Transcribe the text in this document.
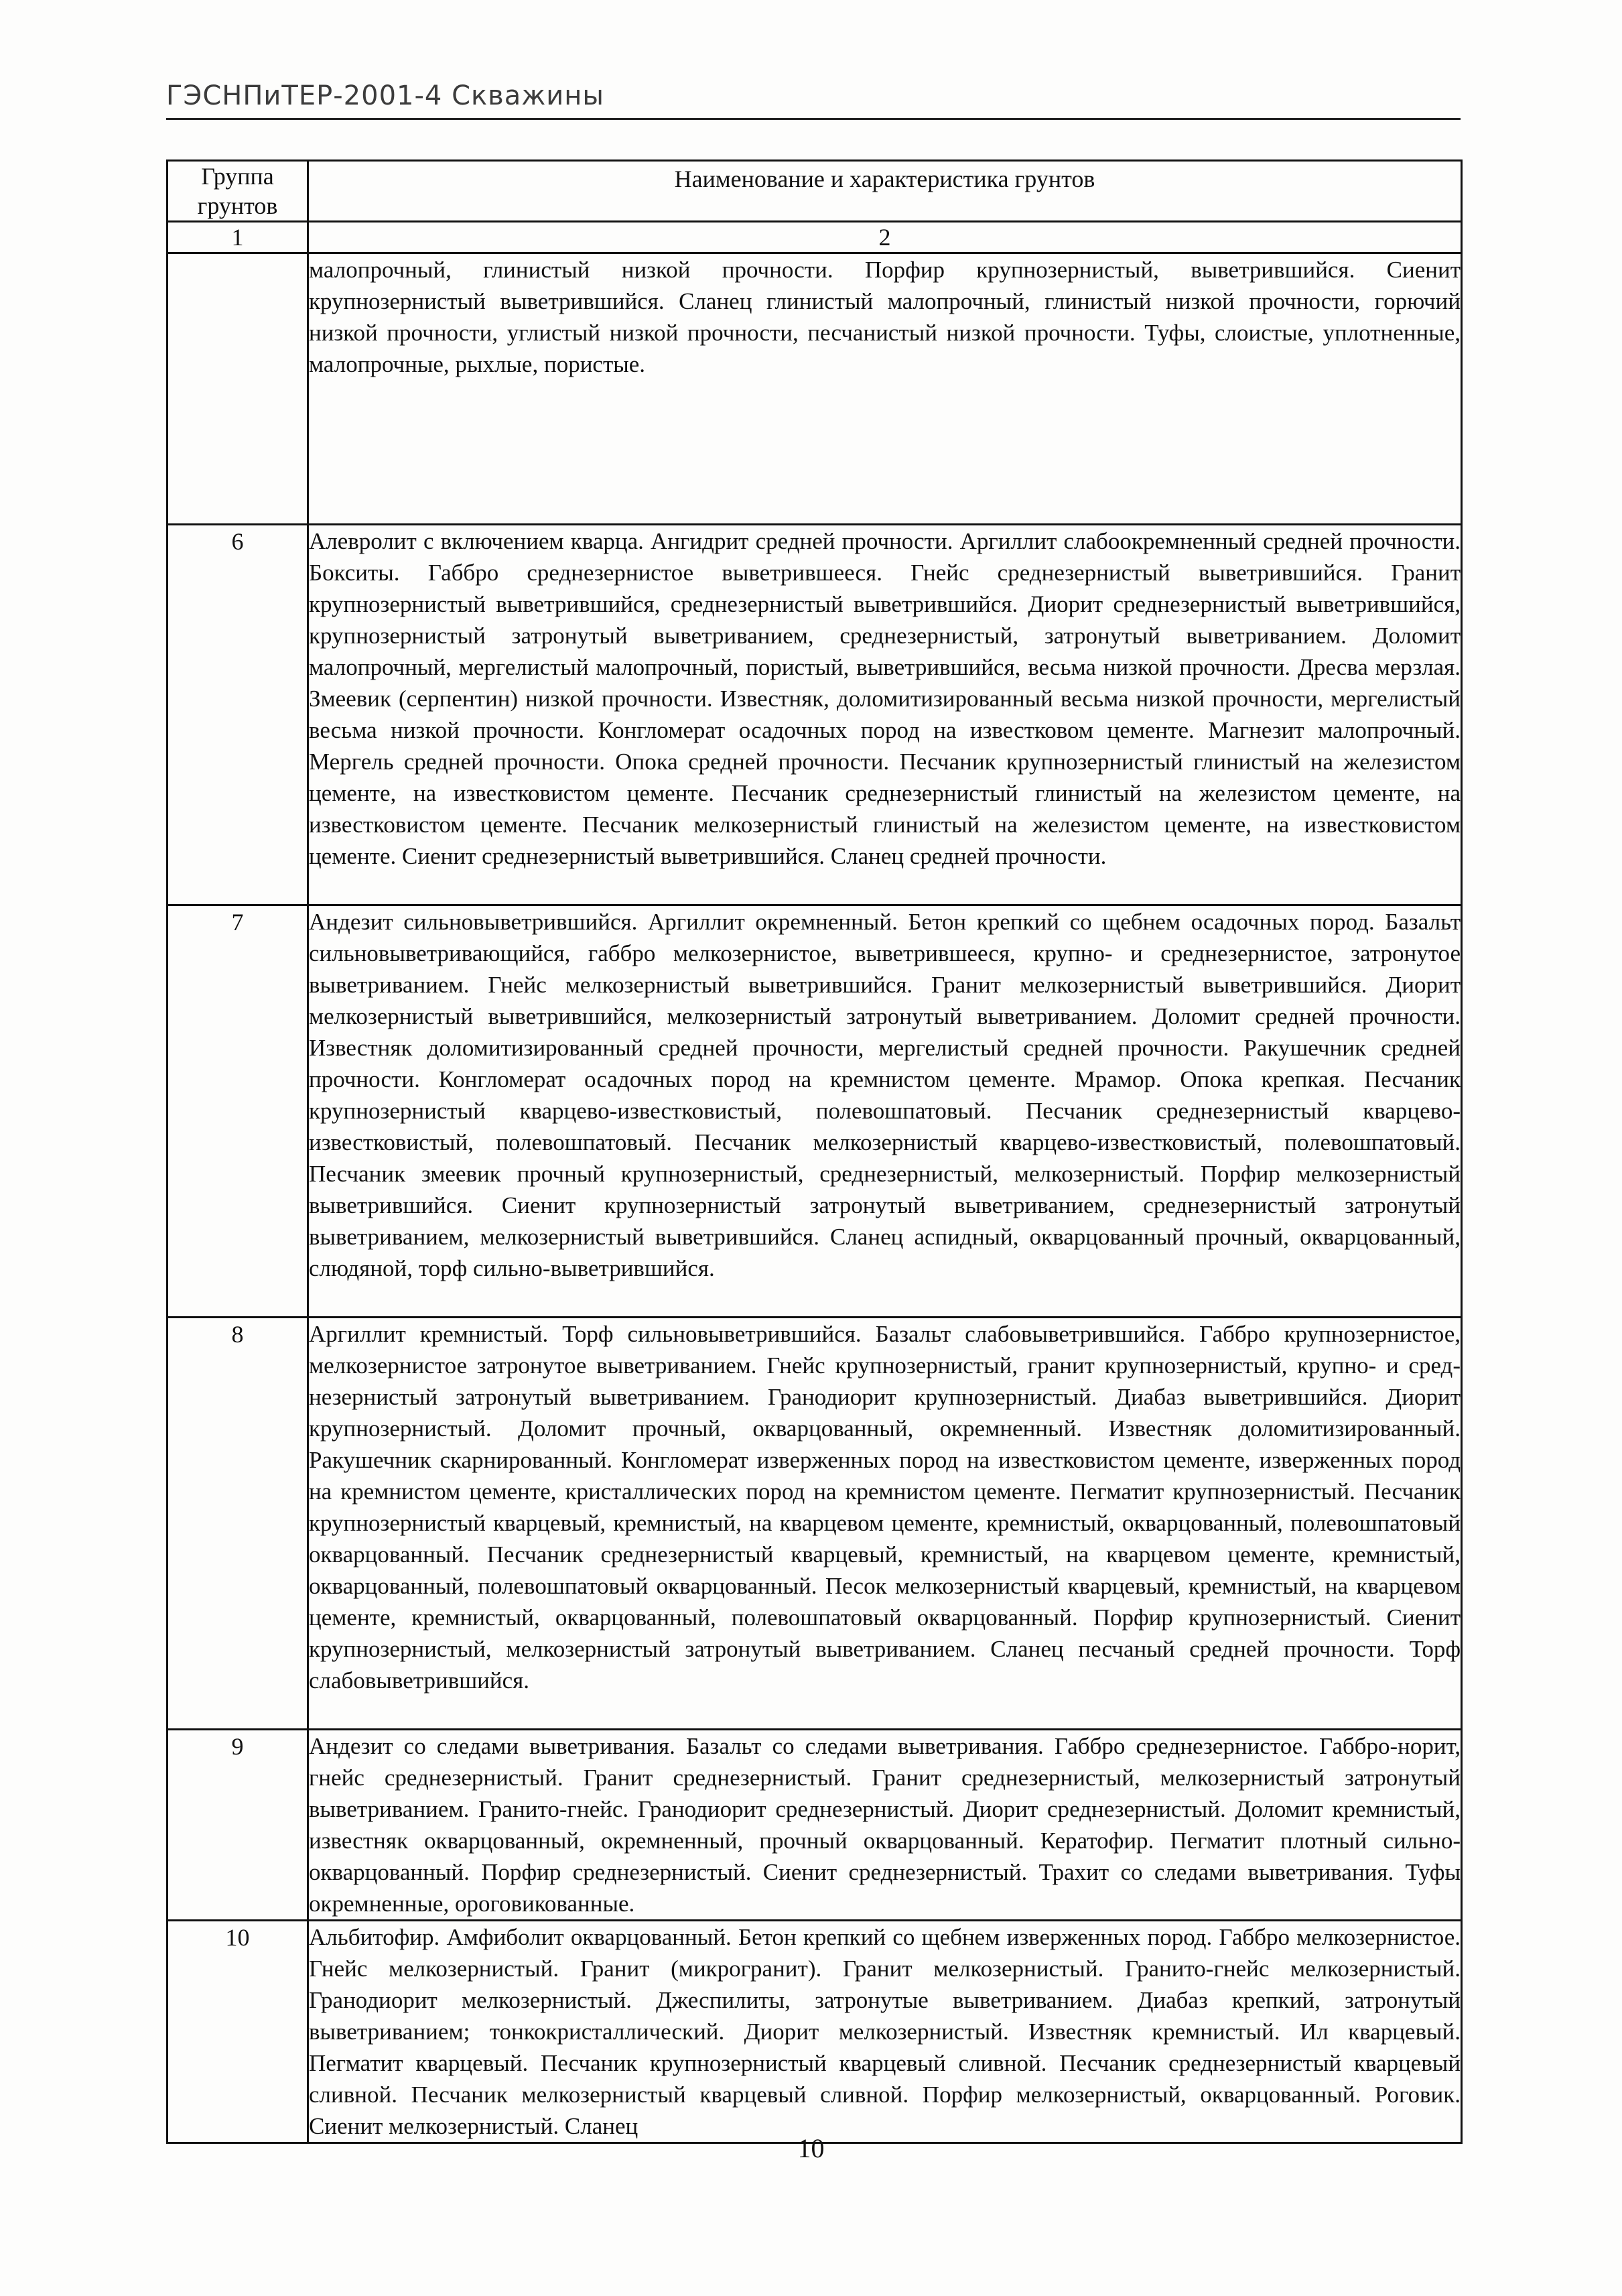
ГЭСНПиТЕР-2001-4 Скважины
Группа грунтов	Наименование и характеристика грунтов
1	2
	малопрочный, глинистый низкой прочности. Порфир крупнозернистый, выветрившийся. Сиенит крупнозернистый выветрившийся. Сланец глинистый малопрочный, глинистый низкой прочности, горючий низкой прочности, углистый низкой прочности, песчанистый низкой прочности. Туфы, слоистые, уплотненные, малопрочные, рыхлые, пористые.
6	Алевролит с включением кварца. Ангидрит средней прочности. Аргиллит слабоокремненный средней прочности. Бокситы. Габбро среднезернистое выветрившееся. Гнейс среднезернистый выветрившийся. Гранит крупнозернистый выветрившийся, среднезернистый выветрившийся. Диорит среднезернистый выветрившийся, крупнозернистый затронутый выветриванием, среднезернистый, затронутый выветриванием. Доломит малопрочный, мергелистый малопрочный, пористый, выветрившийся, весьма низкой прочности. Дресва мерзлая. Змеевик (серпентин) низкой прочности. Известняк, доломитизированный весьма низкой прочности, мергелистый весьма низкой прочности. Конгломерат осадочных пород на известковом цементе. Магнезит малопрочный. Мергель средней прочности. Опока средней прочности. Песчаник крупнозернистый глинистый на железистом цементе, на известковистом цементе. Песчаник среднезернистый глинистый на железистом цементе, на известковистом цементе. Песчаник мелкозернистый глинистый на железистом цементе, на известковистом цементе. Сиенит среднезернистый выветрившийся. Сланец средней прочности.
7	Андезит сильновыветрившийся. Аргиллит окремненный. Бетон крепкий со щебнем осадочных пород. Базальт сильновыветривающийся, габбро мелкозернистое, выветрившееся, крупно- и среднезернистое, затронутое выветриванием. Гнейс мелкозернистый выветрившийся. Гранит мелкозернистый выветрившийся. Диорит мелкозернистый выветрившийся, мелкозернистый затронутый выветриванием. Доломит средней прочности. Известняк доломитизированный средней прочности, мергелистый средней прочности. Ракушечник средней прочности. Конгломерат осадочных пород на кремнистом цементе. Мрамор. Опока крепкая. Песчаник крупнозернистый кварцево-известковистый, полевошпатовый. Песчаник среднезернистый кварцево-известковистый, полевошпатовый. Песчаник мелкозернистый кварцево-известковистый, полевошпатовый. Песчаник змеевик прочный крупнозернистый, среднезернистый, мелкозернистый. Порфир мелкозернистый выветрившийся. Сиенит крупнозернистый затронутый выветриванием, среднезернистый затронутый выветриванием, мелкозернистый выветрившийся. Сланец аспидный, окварцованный прочный, окварцованный, слюдяной, торф сильно-выветрившийся.
8	Аргиллит кремнистый. Торф сильновыветрившийся. Базальт слабовыветрившийся. Габбро крупнозернистое, мелкозернистое затронутое выветриванием. Гнейс крупнозернистый, гранит крупнозернистый, крупно- и сред-незернистый затронутый выветриванием. Гранодиорит крупнозернистый. Диабаз выветрившийся. Диорит крупнозернистый. Доломит прочный, окварцованный, окремненный. Известняк доломитизированный. Ракушечник скарнированный. Конгломерат изверженных пород на известковистом цементе, изверженных пород на кремнистом цементе, кристаллических пород на кремнистом цементе. Пегматит крупнозернистый. Песчаник крупнозернистый кварцевый, кремнистый, на кварцевом цементе, кремнистый, окварцованный, полевошпатовый окварцованный. Песчаник среднезернистый кварцевый, кремнистый, на кварцевом цементе, кремнистый, окварцованный, полевошпатовый окварцованный. Песок мелкозернистый кварцевый, кремнистый, на кварцевом цементе, кремнистый, окварцованный, полевошпатовый окварцованный. Порфир крупнозернистый. Сиенит крупнозернистый, мелкозернистый затронутый выветриванием. Сланец песчаный средней прочности. Торф слабовыветрившийся.
9	Андезит со следами выветривания. Базальт со следами выветривания. Габбро среднезернистое. Габбро-норит, гнейс среднезернистый. Гранит среднезернистый. Гранит среднезернистый, мелкозернистый затронутый выветриванием. Гранито-гнейс. Гранодиорит среднезернистый. Диорит среднезернистый. Доломит кремнистый, известняк окварцованный, окремненный, прочный окварцованный. Кератофир. Пегматит плотный сильно-окварцованный. Порфир среднезернистый. Сиенит среднезернистый. Трахит со следами выветривания. Туфы окремненные, ороговикованные.
10	Альбитофир. Амфиболит окварцованный. Бетон крепкий со щебнем изверженных пород. Габбро мелкозернистое. Гнейс мелкозернистый. Гранит (микрогранит). Гранит мелкозернистый. Гранито-гнейс мелкозернистый. Гранодиорит мелкозернистый. Джеспилиты, затронутые выветриванием. Диабаз крепкий, затронутый выветриванием; тонкокристаллический. Диорит мелкозернистый. Известняк кремнистый. Ил кварцевый. Пегматит кварцевый. Песчаник крупнозернистый кварцевый сливной. Песчаник среднезернистый кварцевый сливной. Песчаник мелкозернистый кварцевый сливной. Порфир мелкозернистый, окварцованный. Роговик. Сиенит мелкозернистый. Сланец
10
